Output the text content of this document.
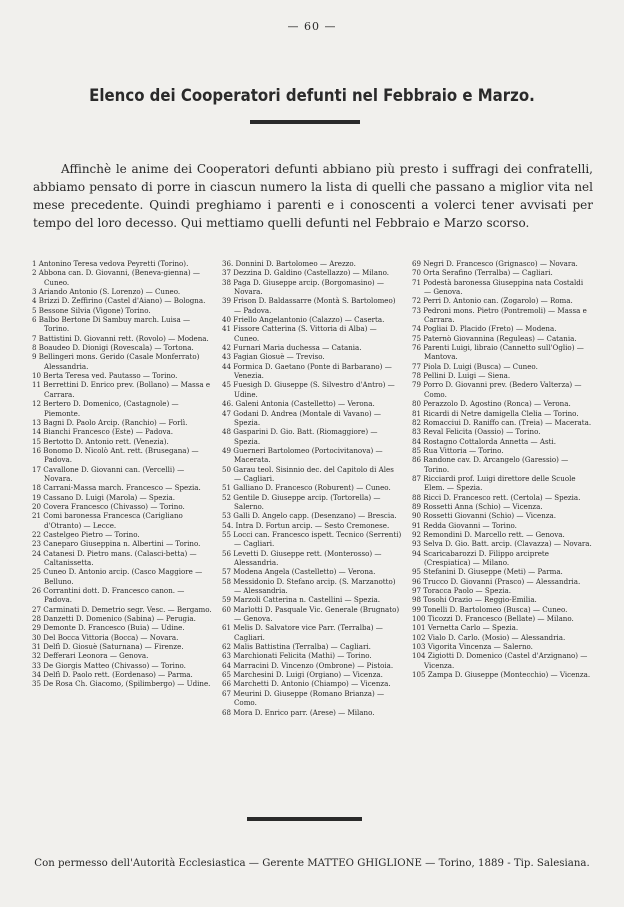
— 60 —
Elenco dei Cooperatori defunti nel Febbraio e Marzo.

Affinchè le anime dei Cooperatori defunti abbiano più presto i suffragi dei confratelli, abbiamo pensato di porre in ciascun numero la lista di quelli che passano a miglior vita nel mese precedente. Quindi preghiamo i parenti e i conoscenti a volerci tener avvisati per tempo del loro decesso. Qui mettiamo quelli defunti nel Febbraio e Marzo scorso.

1 Antonino Teresa vedova Peyretti (Torino).
2 Abbona can. D. Giovanni, (Beneva-gienna) — Cuneo.
3 Ariando Antonio (S. Lorenzo) — Cuneo.
4 Brizzi D. Zeffirino (Castel d'Aiano) — Bologna.
5 Bessone Silvia (Vigone) Torino.
6 Balbo Bertone Di Sambuy march. Luisa — Torino.
7 Battistini D. Giovanni rett. (Rovolo) — Modena.
8 Boaudeo D. Dionigi (Rovescala) — Tortona.
9 Bellingeri mons. Gerido (Casale Monferrato) Alessandria.
10 Berta Teresa ved. Pautasso — Torino.
11 Berrettini D. Enrico prev. (Bollano) — Massa e Carrara.
12 Bertero D. Domenico, (Castagnole) — Piemonte.
13 Bagni D. Paolo Arcip. (Ranchio) — Forlì.
14 Bianchi Francesco (Este) — Padova.
15 Bertotto D. Antonio rett. (Venezia).
16 Bonomo D. Nicolò Ant. rett. (Brusegana) — Padova.
17 Cavallone D. Giovanni can. (Vercelli) — Novara.
18 Carrani-Massa march. Francesco — Spezia.
19 Cassano D. Luigi (Marola) — Spezia.
20 Covera Francesco (Chivasso) — Torino.
21 Comi baronessa Francesca (Carigliano d'Otranto) — Lecce.
22 Castelgeo Pietro — Torino.
23 Caneparo Giuseppina n. Albertini — Torino.
24 Catanesi D. Pietro mans. (Calasci-betta) — Caltanissetta.
25 Cuneo D. Antonio arcip. (Casco Maggiore — Belluno.
26 Corrantini dott. D. Francesco canon. — Padova.
27 Carminati D. Demetrio segr. Vesc. — Bergamo.
28 Danzetti D. Domenico (Sabina) — Perugia.
29 Demonte D. Francesco (Buia) — Udine.
30 Del Bocca Vittoria (Bocca) — Novara.
31 Delfì D. Giosuè (Saturnana) — Firenze.
32 Defferari Leonora — Genova.
33 De Giorgis Matteo (Chivasso) — Torino.
34 Delfì D. Paolo rett. (Eordenaso) — Parma.
35 De Rosa Ch. Giacomo, (Spilimbergo) — Udine.
36. Donnini D. Bartolomeo — Arezzo.
37 Dezzina D. Galdino (Castellazzo) — Milano.
38 Paga D. Giuseppe arcip. (Borgomasino) — Novara.
39 Frison D. Baldassarre (Montà S. Bartolomeo) — Padova.
40 Friello Angelantonio (Calazzo) — Caserta.
41 Fissore Catterina (S. Vittoria di Alba) — Cuneo.
42 Furnari Maria duchessa — Catania.
43 Fagian Giosuè — Treviso.
44 Formica D. Gaetano (Ponte di Barbarano) — Venezia.
45 Fuesigh D. Giuseppe (S. Silvestro d'Antro) — Udine.
46. Galeni Antonia (Castelletto) — Verona.
47 Godani D. Andrea (Montale di Vavano) — Spezia.
48 Gasparini D. Gio. Batt. (Riomaggiore) — Spezia.
49 Guerneri Bartolomeo (Portocivitanova) — Macerata.
50 Garau teol. Sisinnio dec. del Capitolo di Ales — Cagliari.
51 Galliano D. Francesco (Roburent) — Cuneo.
52 Gentile D. Giuseppe arcip. (Tortorella) — Salerno.
53 Galli D. Angelo capp. (Desenzano) — Brescia.
54. Intra D. Fortun arcip. — Sesto Cremonese.
55 Locci can. Francesco ispett. Tecnico (Serrenti) — Cagliari.
56 Levetti D. Giuseppe rett. (Monterosso) — Alessandria.
57 Modena Angela (Castelletto) — Verona.
58 Messidonio D. Stefano arcip. (S. Marzanotto) — Alessandria.
59 Marzoli Catterina n. Castellini — Spezia.
60 Marlotti D. Pasquale Vic. Generale (Brugnato) — Genova.
61 Melis D. Salvatore vice Parr. (Terralba) — Cagliari.
62 Malis Battistina (Terralba) — Cagliari.
63 Marchionati Felicita (Mathi) — Torino.
64 Marracini D. Vincenzo (Ombrone) — Pistoia.
65 Marchesini D. Luigi (Orgiano) — Vicenza.
66 Marchetti D. Antonio (Chiampo) — Vicenza.
67 Meurini D. Giuseppe (Romano Brianza) — Como.
68 Mora D. Enrico parr. (Arese) — Milano.
69 Negri D. Francesco (Grignasco) — Novara.
70 Orta Serafino (Terralba) — Cagliari.
71 Podestà baronessa Giuseppina nata Costaldi — Genova.
72 Perri D. Antonio can. (Zogarolo) — Roma.
73 Pedroni mons. Pietro (Pontremoli) — Massa e Carrara.
74 Pogliai D. Placido (Freto) — Modena.
75 Paternò Giovannina (Reguleas) — Catania.
76 Parenti Luigi, libraio (Cannetto sull'Oglio) — Mantova.
77 Piola D. Luigi (Busca) — Cuneo.
78 Pellini D. Luigi — Siena.
79 Porro D. Giovanni prev. (Bedero Valterza) — Como.
80 Perazzolo D. Agostino (Ronca) — Verona.
81 Ricardi di Netre damigella Clelia — Torino.
82 Romacciui D. Raniffo can. (Treia) — Macerata.
83 Reval Felicita (Oassio) — Torino.
84 Rostagno Cottalorda Annetta — Asti.
85 Rua Vittoria — Torino.
86 Randone cav. D. Arcangelo (Garessio) — Torino.
87 Ricciardi prof. Luigi direttore delle Scuole Elem. — Spezia.
88 Ricci D. Francesco rett. (Certola) — Spezia.
89 Rossetti Anna (Schio) — Vicenza.
90 Rossetti Giovanni (Schio) — Vicenza.
91 Redda Giovanni — Torino.
92 Remondini D. Marcello rett. — Genova.
93 Selva D. Gio. Batt. arcip. (Clavazza) — Novara.
94 Scaricabarozzi D. Filippo arciprete (Crespiatica) — Milano.
95 Stefanini D. Giuseppe (Meti) — Parma.
96 Trucco D. Giovanni (Prasco) — Alessandria.
97 Toracca Paolo — Spezia.
98 Tosohi Orazio — Reggio-Emilia.
99 Tonelli D. Bartolomeo (Busca) — Cuneo.
100 Ticozzi D. Francesco (Bellate) — Milano.
101 Vernetta Carlo — Spezia.
102 Vialo D. Carlo. (Mosio) — Alessandria.
103 Vigorita Vincenza — Salerno.
104 Zigiotti D. Domenico (Castel d'Arzignano) — Vicenza.
105 Zampa D. Giuseppe (Montecchio) — Vicenza.
Con permesso dell'Autorità Ecclesiastica — Gerente MATTEO GHIGLIONE — Torino, 1889 - Tip. Salesiana.
